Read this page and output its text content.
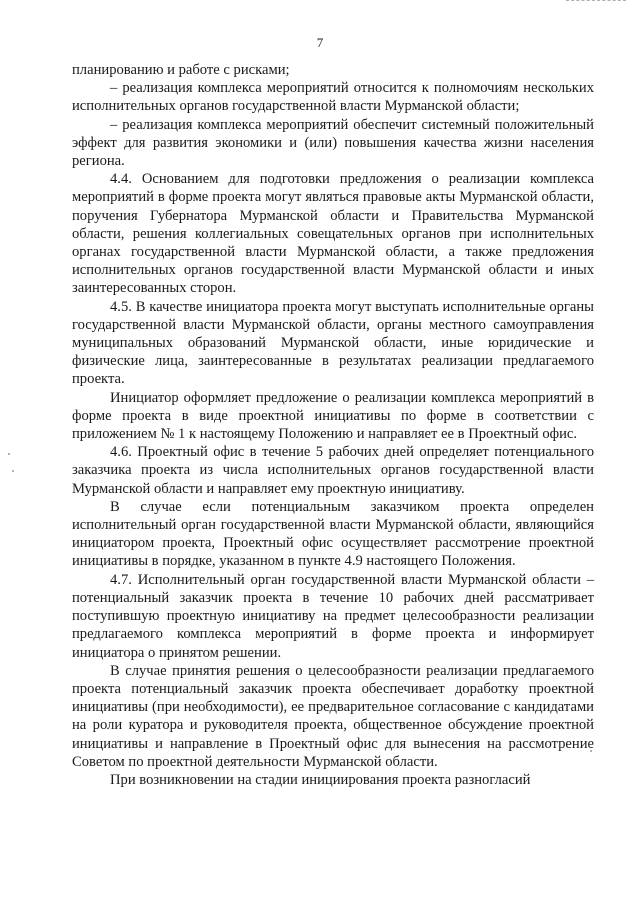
7

планированию и работе с рисками;

– реализация комплекса мероприятий относится к полномочиям нескольких исполнительных органов государственной власти Мурманской области;

– реализация комплекса мероприятий обеспечит системный положительный эффект для развития экономики и (или) повышения качества жизни населения региона.

4.4. Основанием для подготовки предложения о реализации комплекса мероприятий в форме проекта могут являться правовые акты Мурманской области, поручения Губернатора Мурманской области и Правительства Мурманской области, решения коллегиальных совещательных органов при исполнительных органах государственной власти Мурманской области, а также предложения исполнительных органов государственной власти Мурманской области и иных заинтересованных сторон.

4.5. В качестве инициатора проекта могут выступать исполнительные органы государственной власти Мурманской области, органы местного самоуправления муниципальных образований Мурманской области, иные юридические и физические лица, заинтересованные в результатах реализации предлагаемого проекта.

Инициатор оформляет предложение о реализации комплекса мероприятий в форме проекта в виде проектной инициативы по форме в соответствии с приложением № 1 к настоящему Положению и направляет ее в Проектный офис.

4.6. Проектный офис в течение 5 рабочих дней определяет потенциального заказчика проекта из числа исполнительных органов государственной власти Мурманской области и направляет ему проектную инициативу.

В случае если потенциальным заказчиком проекта определен исполнительный орган государственной власти Мурманской области, являющийся инициатором проекта, Проектный офис осуществляет рассмотрение проектной инициативы в порядке, указанном в пункте 4.9 настоящего Положения.

4.7. Исполнительный орган государственной власти Мурманской области – потенциальный заказчик проекта в течение 10 рабочих дней рассматривает поступившую проектную инициативу на предмет целесообразности реализации предлагаемого комплекса мероприятий в форме проекта и информирует инициатора о принятом решении.

В случае принятия решения о целесообразности реализации предлагаемого проекта потенциальный заказчик проекта обеспечивает доработку проектной инициативы (при необходимости), ее предварительное согласование с кандидатами на роли куратора и руководителя проекта, общественное обсуждение проектной инициативы и направление в Проектный офис для вынесения на рассмотрение Советом по проектной деятельности Мурманской области.

При возникновении на стадии инициирования проекта разногласий
